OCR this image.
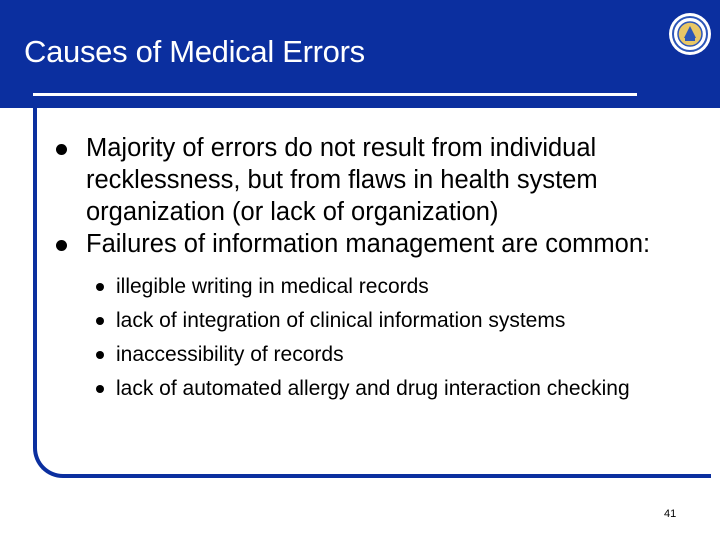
Causes of Medical Errors
Majority of errors do not result from individual recklessness, but from flaws in health system organization (or lack of organization)
Failures of information management are common:
illegible writing in medical records
lack of integration of clinical information systems
inaccessibility of records
lack of automated allergy and drug interaction checking
41
